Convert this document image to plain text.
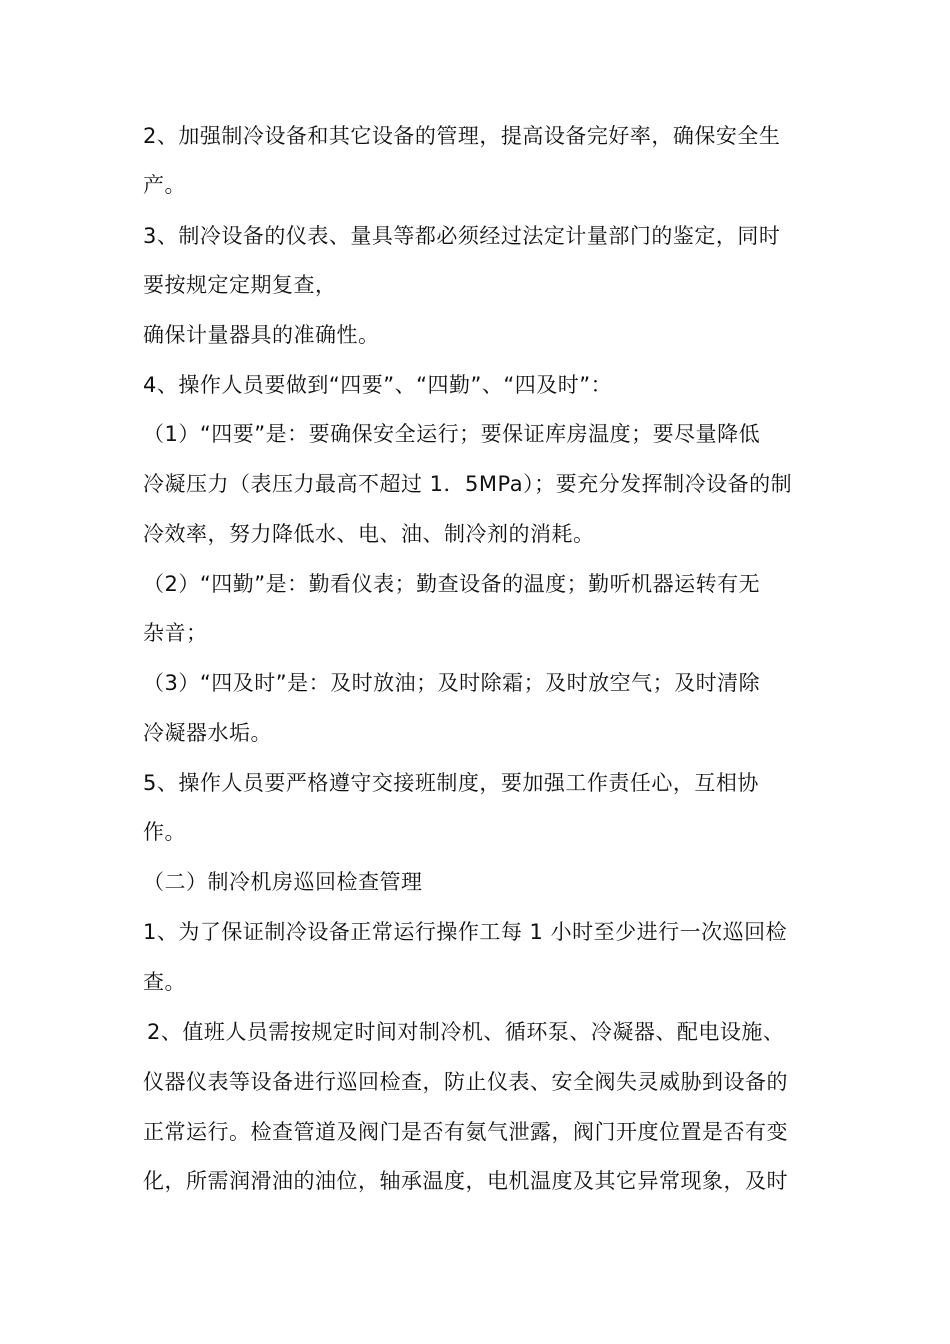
2、加强制冷设备和其它设备的管理，提高设备完好率，确保安全生
产。
3、制冷设备的仪表、量具等都必须经过法定计量部门的鉴定，同时
要按规定定期复查，
确保计量器具的准确性。
4、操作人员要做到“四要”、“四勤”、“四及时”：
（1）“四要”是：要确保安全运行；要保证库房温度；要尽量降低
冷凝压力（表压力最高不超过 1．5MPa）；要充分发挥制冷设备的制
冷效率，努力降低水、电、油、制冷剂的消耗。
（2）“四勤”是：勤看仪表；勤查设备的温度；勤听机器运转有无
杂音；
（3）“四及时”是：及时放油；及时除霜；及时放空气；及时清除
冷凝器水垢。
5、操作人员要严格遵守交接班制度，要加强工作责任心，互相协
作。
（二）制冷机房巡回检查管理
1、为了保证制冷设备正常运行操作工每 1 小时至少进行一次巡回检
查。
2、值班人员需按规定时间对制冷机、循环泵、冷凝器、配电设施、
仪器仪表等设备进行巡回检查，防止仪表、安全阀失灵威胁到设备的
正常运行。检查管道及阀门是否有氨气泄露，阀门开度位置是否有变
化，所需润滑油的油位，轴承温度，电机温度及其它异常现象，及时
